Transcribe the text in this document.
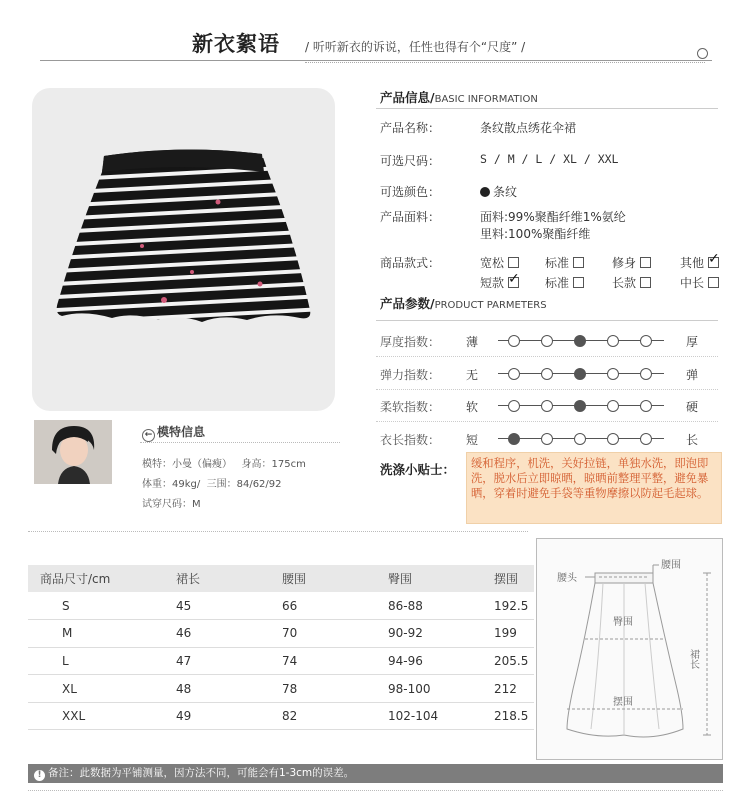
新衣絮语 / 听听新衣的诉说，任性也得有个“尺度” /
← 模特信息
模特：小曼（偏瘦） 身高：175cm
体重：49kg/ 三围：84/62/92
试穿尺码：M
产品信息/BASIC INFORMATION
产品名称：	条纹散点绣花伞裙
可选尺码：	S / M / L / XL / XXL
可选颜色：	条纹
产品面料：	面料:99%聚酯纤维1%氨纶
里料:100%聚酯纤维
商品款式：	宽松	标准	修身	其他✓
短款 ✓	标准	长款	中长
产品参数/PRODUCT PARMETERS
厚度指数： 薄	厚
弹力指数： 无	弹
柔软指数： 软	硬
衣长指数： 短	长
洗涤小贴士：	缓和程序，机洗，关好拉链，单独水洗，即泡即洗，脱水后立即晾晒，晾晒前整理平整，避免暴晒，穿着时避免手袋等重物摩擦以防起毛起球。
商品尺寸/cm	裙长	腰围	臀围	摆围
S	45	66	86-88	192.5
M	46	70	90-92	199
L	47	74	94-96	205.5
XL	48	78	98-100	212
XXL	49	82	102-104	218.5
腰头
腰围
臀围
摆围
裙长
! 备注：此数据为平铺测量，因方法不同，可能会有1-3cm的误差。
